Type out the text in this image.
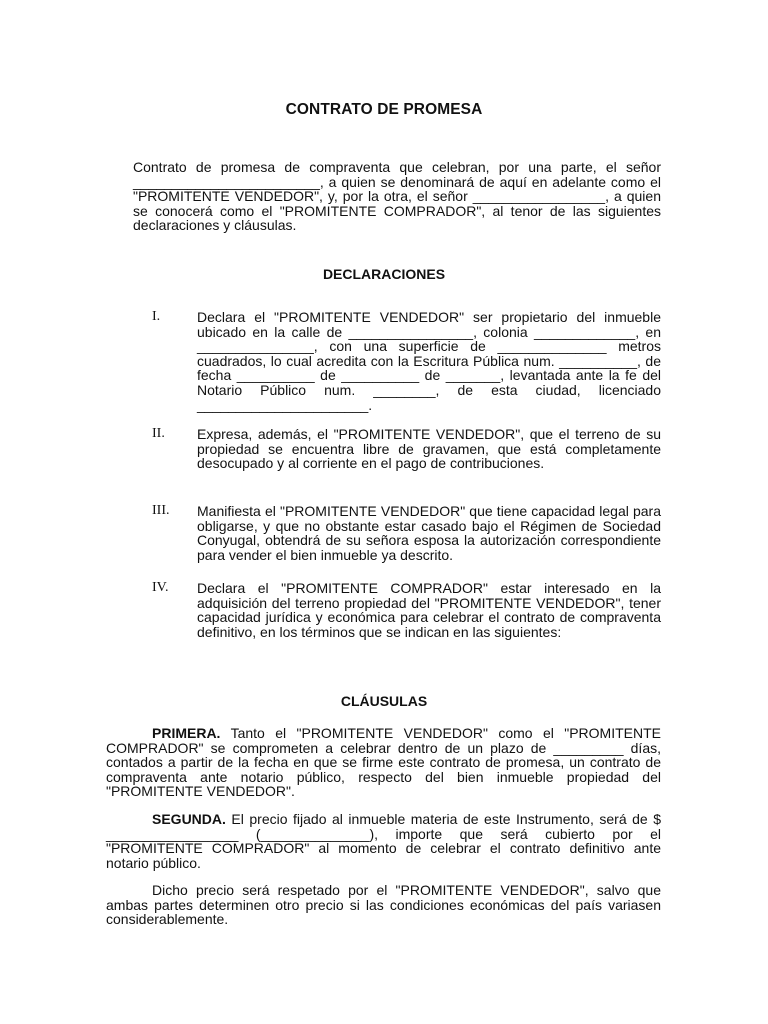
CONTRATO DE PROMESA
Contrato de promesa de compraventa que celebran, por una parte, el señor ________________________, a quien se denominará de aquí en adelante como el "PROMITENTE VENDEDOR", y, por la otra, el señor _________________, a quien se conocerá como el "PROMITENTE COMPRADOR", al tenor de las siguientes declaraciones y cláusulas.
DECLARACIONES
I.	Declara el "PROMITENTE VENDEDOR" ser propietario del inmueble ubicado en la calle de ________________, colonia _____________, en _______________, con una superficie de ______________ metros cuadrados, lo cual acredita con la Escritura Pública num. __________, de fecha __________ de __________ de _______, levantada ante la fe del Notario Público num. ________, de esta ciudad, licenciado ______________________.
II. Expresa, además, el "PROMITENTE VENDEDOR", que el terreno de su propiedad se encuentra libre de gravamen, que está completamente desocupado y al corriente en el pago de contribuciones.
III. Manifiesta el "PROMITENTE VENDEDOR" que tiene capacidad legal para obligarse, y que no obstante estar casado bajo el Régimen de Sociedad Conyugal, obtendrá de su señora esposa la autorización correspondiente para vender el bien inmueble ya descrito.
IV. Declara el "PROMITENTE COMPRADOR" estar interesado en la adquisición del terreno propiedad del "PROMITENTE VENDEDOR", tener capacidad jurídica y económica para celebrar el contrato de compraventa definitivo, en los términos que se indican en las siguientes:
CLÁUSULAS
PRIMERA. Tanto el "PROMITENTE VENDEDOR" como el "PROMITENTE COMPRADOR" se comprometen a celebrar dentro de un plazo de _________ días, contados a partir de la fecha en que se firme este contrato de promesa, un contrato de compraventa ante notario público, respecto del bien inmueble propiedad del "PROMITENTE VENDEDOR".
SEGUNDA. El precio fijado al inmueble materia de este Instrumento, será de $ _________________ (______________), importe que será cubierto por el "PROMITENTE COMPRADOR" al momento de celebrar el contrato definitivo ante notario público.
Dicho precio será respetado por el "PROMITENTE VENDEDOR", salvo que ambas partes determinen otro precio si las condiciones económicas del país variasen considerablemente.
